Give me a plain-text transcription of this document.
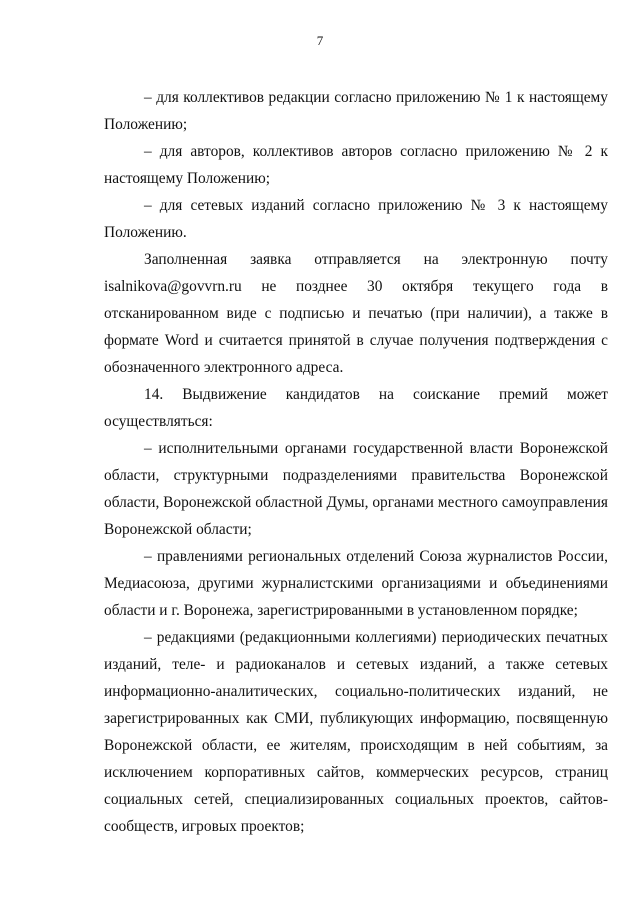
7

– для коллективов редакции согласно приложению № 1 к настоящему Положению;

– для авторов, коллективов авторов согласно приложению № 2 к настоящему Положению;

– для сетевых изданий согласно приложению № 3 к настоящему Положению.

Заполненная заявка отправляется на электронную почту isalnikova@govvrn.ru не позднее 30 октября текущего года в отсканированном виде с подписью и печатью (при наличии), а также в формате Word и считается принятой в случае получения подтверждения с обозначенного электронного адреса.

14. Выдвижение кандидатов на соискание премий может осуществляться:

– исполнительными органами государственной власти Воронежской области, структурными подразделениями правительства Воронежской области, Воронежской областной Думы, органами местного самоуправления Воронежской области;

– правлениями региональных отделений Союза журналистов России, Медиасоюза, другими журналистскими организациями и объединениями области и г. Воронежа, зарегистрированными в установленном порядке;

– редакциями (редакционными коллегиями) периодических печатных изданий, теле- и радиоканалов и сетевых изданий, а также сетевых информационно-аналитических, социально-политических изданий, не зарегистрированных как СМИ, публикующих информацию, посвященную Воронежской области, ее жителям, происходящим в ней событиям, за исключением корпоративных сайтов, коммерческих ресурсов, страниц социальных сетей, специализированных социальных проектов, сайтов-сообществ, игровых проектов;
